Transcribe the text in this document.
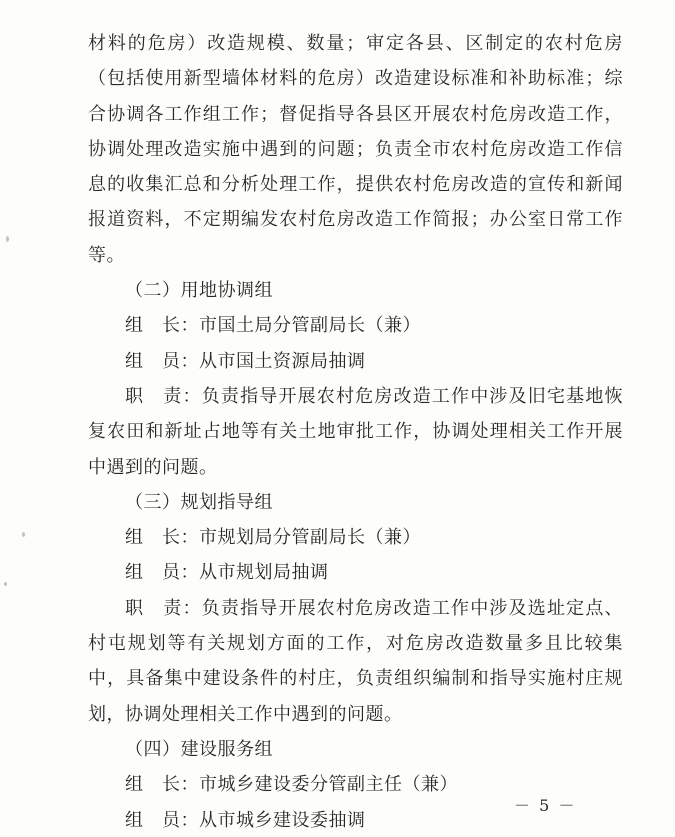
材料的危房）改造规模、数量；审定各县、区制定的农村危房（包括使用新型墙体材料的危房）改造建设标准和补助标准；综合协调各工作组工作；督促指导各县区开展农村危房改造工作，协调处理改造实施中遇到的问题；负责全市农村危房改造工作信息的收集汇总和分析处理工作，提供农村危房改造的宣传和新闻报道资料，不定期编发农村危房改造工作简报；办公室日常工作等。

（二）用地协调组

组　长：市国土局分管副局长（兼）

组　员：从市国土资源局抽调

职　责：负责指导开展农村危房改造工作中涉及旧宅基地恢复农田和新址占地等有关土地审批工作，协调处理相关工作开展中遇到的问题。

（三）规划指导组

组　长：市规划局分管副局长（兼）

组　员：从市规划局抽调

职　责：负责指导开展农村危房改造工作中涉及选址定点、村屯规划等有关规划方面的工作，对危房改造数量多且比较集中，具备集中建设条件的村庄，负责组织编制和指导实施村庄规划，协调处理相关工作中遇到的问题。

（四）建设服务组

组　长：市城乡建设委分管副主任（兼）

组　员：从市城乡建设委抽调

－ 5 －
